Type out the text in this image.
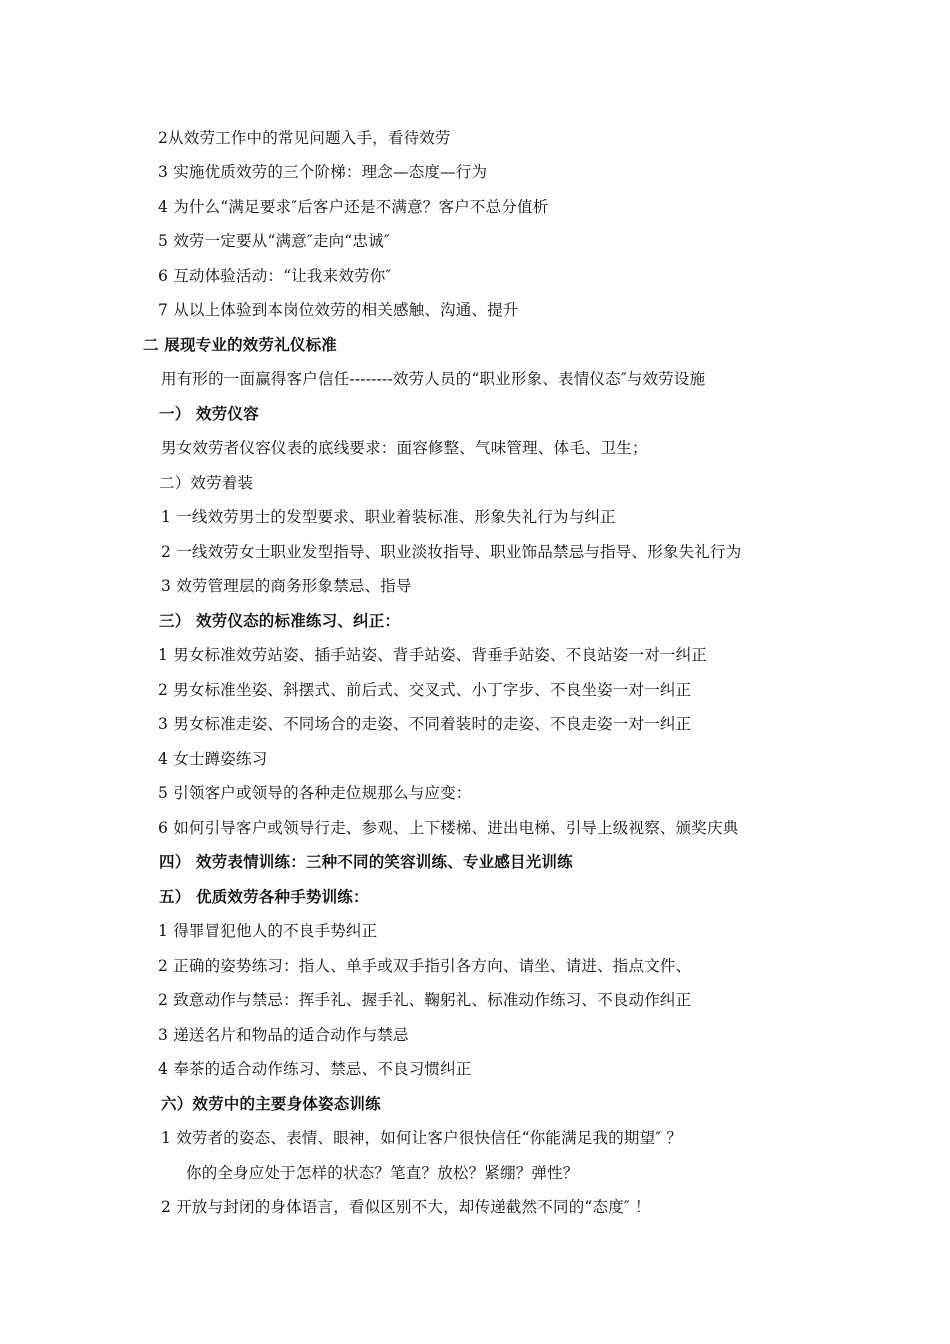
2从效劳工作中的常见问题入手，看待效劳
3 实施优质效劳的三个阶梯：理念—态度—行为
4 为什么“满足要求″后客户还是不满意？客户不总分值析
5 效劳一定要从“满意″走向“忠诚″
6 互动体验活动：“让我来效劳你″
7 从以上体验到本岗位效劳的相关感触、沟通、提升
二 展现专业的效劳礼仪标准
用有形的一面赢得客户信任--------效劳人员的“职业形象、表情仪态″与效劳设施
一） 效劳仪容
男女效劳者仪容仪表的底线要求：面容修整、气味管理、体毛、卫生；
二）效劳着装
1 一线效劳男士的发型要求、职业着装标准、形象失礼行为与纠正
2 一线效劳女士职业发型指导、职业淡妆指导、职业饰品禁忌与指导、形象失礼行为
3 效劳管理层的商务形象禁忌、指导
三） 效劳仪态的标准练习、纠正：
1 男女标准效劳站姿、插手站姿、背手站姿、背垂手站姿、不良站姿一对一纠正
2 男女标准坐姿、斜摆式、前后式、交叉式、小丁字步、不良坐姿一对一纠正
3 男女标准走姿、不同场合的走姿、不同着装时的走姿、不良走姿一对一纠正
4 女士蹲姿练习
5 引领客户或领导的各种走位规那么与应变：
6 如何引导客户或领导行走、参观、上下楼梯、进出电梯、引导上级视察、颁奖庆典
四） 效劳表情训练：三种不同的笑容训练、专业感目光训练
五） 优质效劳各种手势训练：
1 得罪冒犯他人的不良手势纠正
2 正确的姿势练习：指人、单手或双手指引各方向、请坐、请进、指点文件、
2 致意动作与禁忌：挥手礼、握手礼、鞠躬礼、标准动作练习、不良动作纠正
3 递送名片和物品的适合动作与禁忌
4 奉茶的适合动作练习、禁忌、不良习惯纠正
六）效劳中的主要身体姿态训练
1 效劳者的姿态、表情、眼神，如何让客户很快信任“你能满足我的期望″ ？
你的全身应处于怎样的状态？笔直？放松？紧绷？弹性？
2 开放与封闭的身体语言，看似区别不大，却传递截然不同的“态度″ ！
